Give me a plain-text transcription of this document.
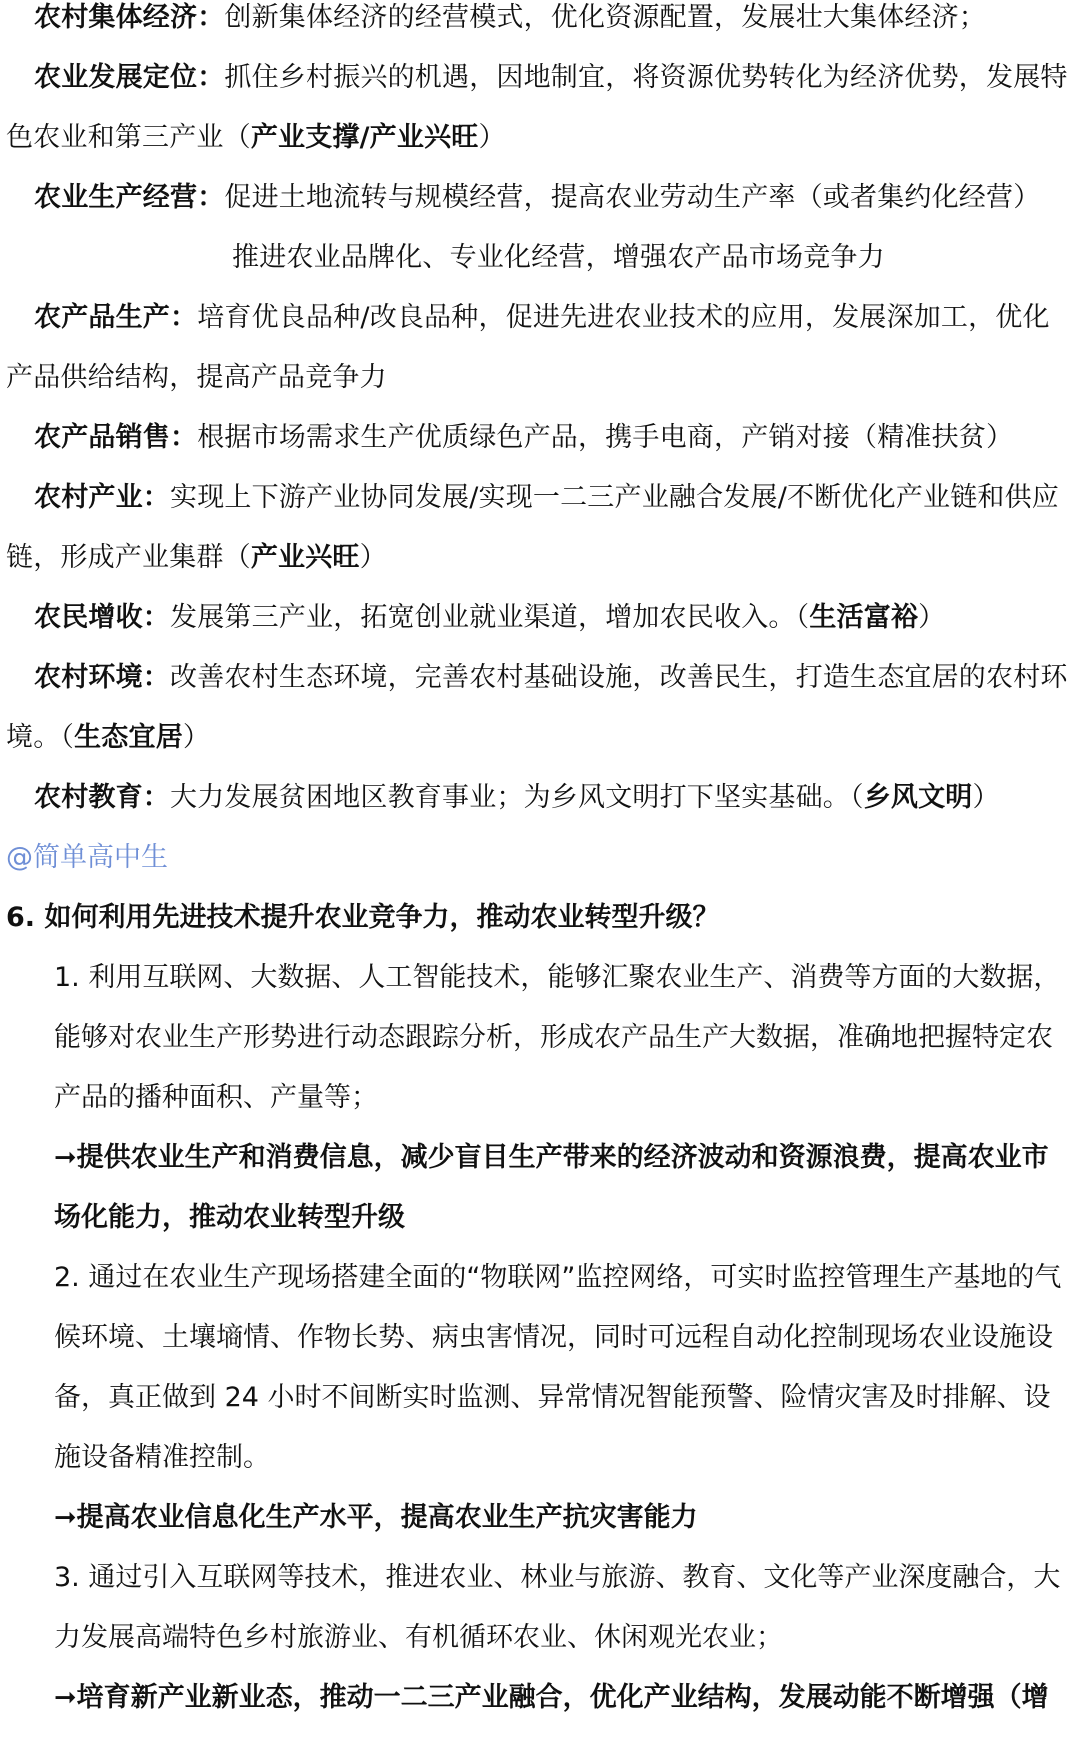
农村集体经济：创新集体经济的经营模式，优化资源配置，发展壮大集体经济；

农业发展定位：抓住乡村振兴的机遇，因地制宜，将资源优势转化为经济优势，发展特色农业和第三产业（产业支撑/产业兴旺）

农业生产经营：促进土地流转与规模经营，提高农业劳动生产率（或者集约化经营）

推进农业品牌化、专业化经营，增强农产品市场竞争力

农产品生产：培育优良品种/改良品种，促进先进农业技术的应用，发展深加工，优化产品供给结构，提高产品竞争力

农产品销售：根据市场需求生产优质绿色产品，携手电商，产销对接（精准扶贫）

农村产业：实现上下游产业协同发展/实现一二三产业融合发展/不断优化产业链和供应链，形成产业集群（产业兴旺）

农民增收：发展第三产业，拓宽创业就业渠道，增加农民收入。（生活富裕）

农村环境：改善农村生态环境，完善农村基础设施，改善民生，打造生态宜居的农村环境。（生态宜居）

农村教育：大力发展贫困地区教育事业；为乡风文明打下坚实基础。（乡风文明）

@简单高中生

6. 如何利用先进技术提升农业竞争力，推动农业转型升级？

1. 利用互联网、大数据、人工智能技术，能够汇聚农业生产、消费等方面的大数据，能够对农业生产形势进行动态跟踪分析，形成农产品生产大数据，准确地把握特定农产品的播种面积、产量等；

➞提供农业生产和消费信息，减少盲目生产带来的经济波动和资源浪费，提高农业市场化能力，推动农业转型升级

2. 通过在农业生产现场搭建全面的“物联网”监控网络，可实时监控管理生产基地的气候环境、土壤墒情、作物长势、病虫害情况，同时可远程自动化控制现场农业设施设备，真正做到 24 小时不间断实时监测、异常情况智能预警、险情灾害及时排解、设施设备精准控制。

➞提高农业信息化生产水平，提高农业生产抗灾害能力

3. 通过引入互联网等技术，推进农业、林业与旅游、教育、文化等产业深度融合，大力发展高端特色乡村旅游业、有机循环农业、休闲观光农业；

➞培育新产业新业态，推动一二三产业融合，优化产业结构，发展动能不断增强（增
